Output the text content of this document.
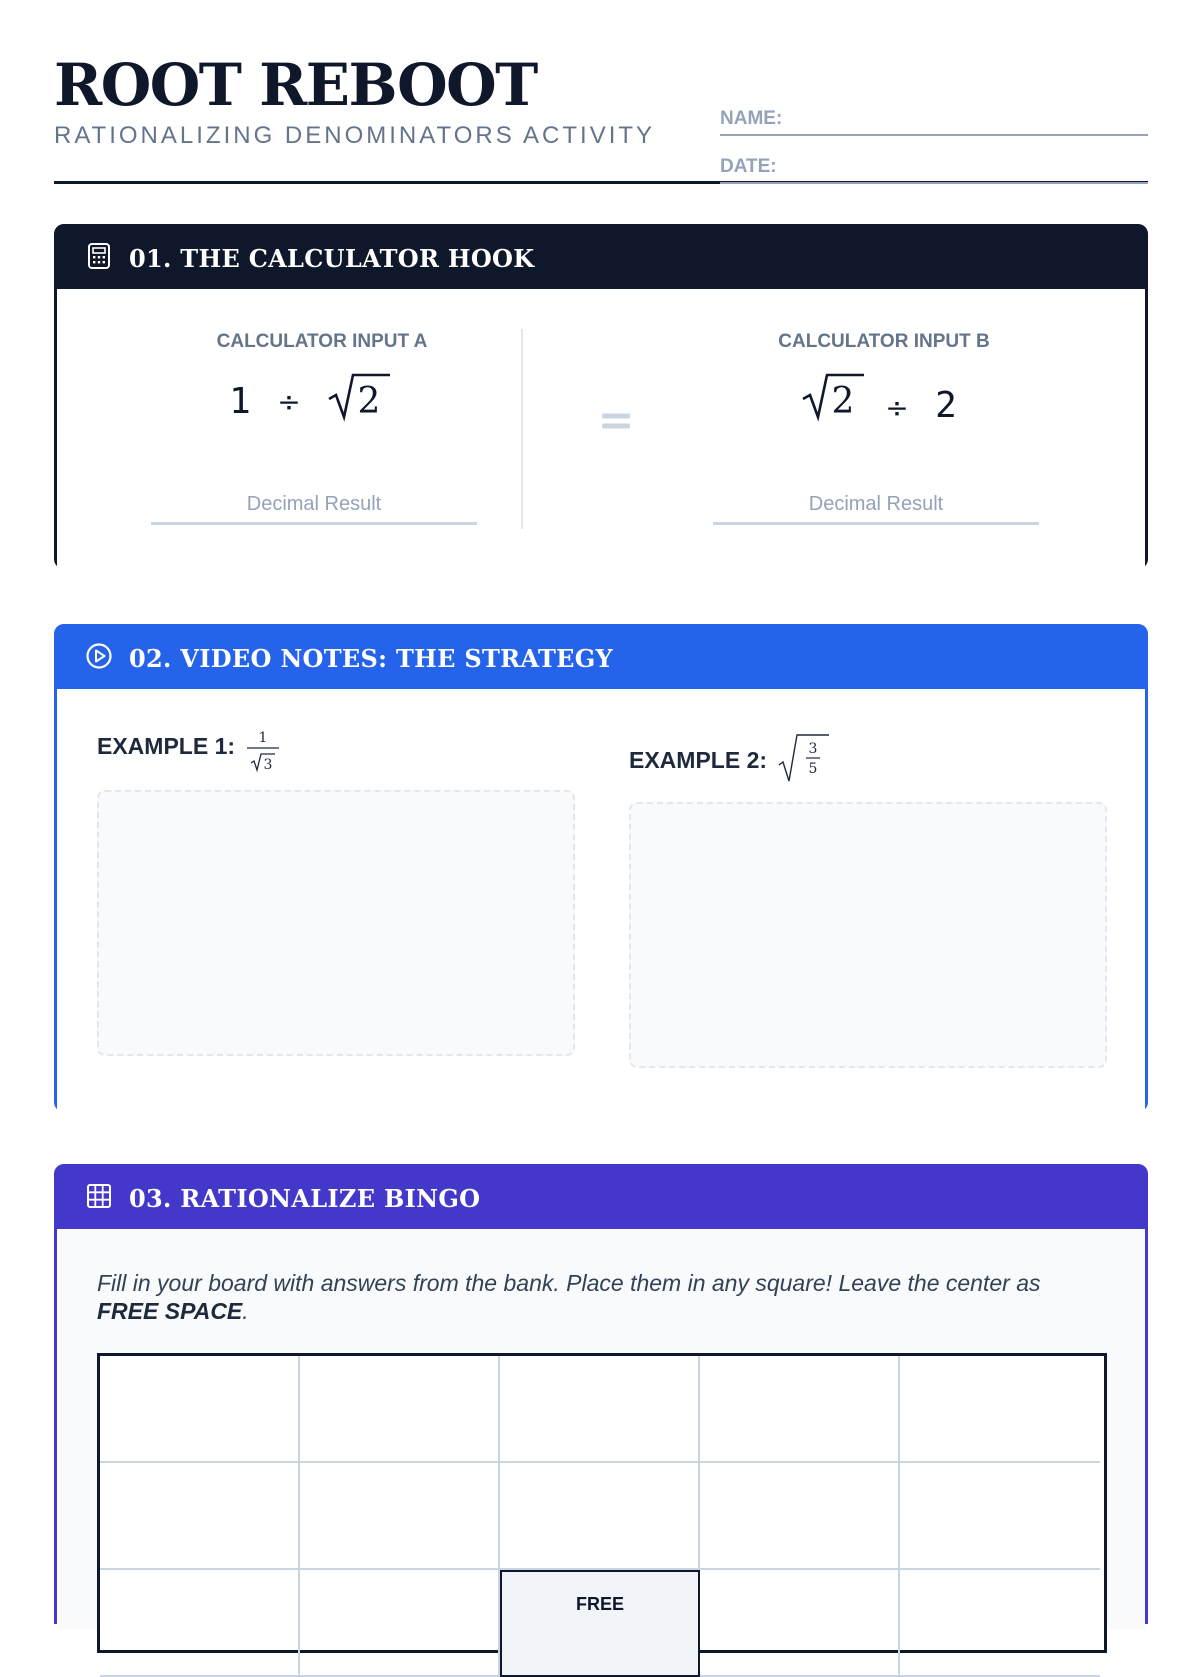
ROOT REBOOT
RATIONALIZING DENOMINATORS ACTIVITY
NAME:
DATE:
01. THE CALCULATOR HOOK
CALCULATOR INPUT A
1 ÷ 2
Decimal Result
=
CALCULATOR INPUT B
2 ÷ 2
Decimal Result
02. VIDEO NOTES: THE STRATEGY
EXAMPLE 1: 1
3	EXAMPLE 2:	3
5
03. RATIONALIZE BINGO
Fill in your board with answers from the bank. Place them in any square! Leave the center as FREE SPACE.
FREE
